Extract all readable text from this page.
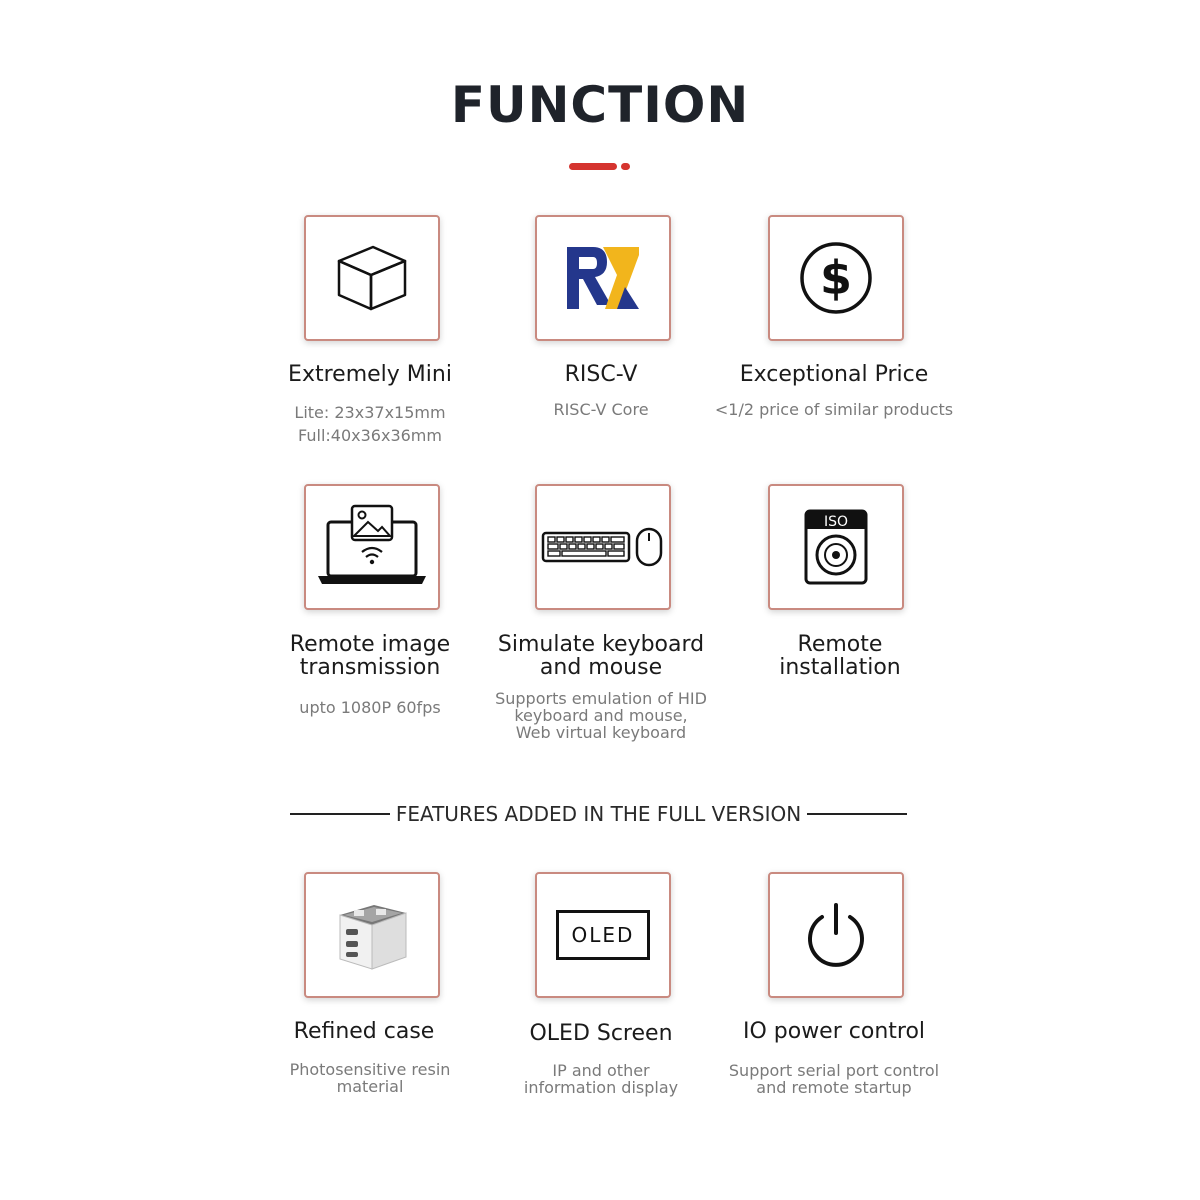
FUNCTION
Extremely Mini
Lite: 23x37x15mm
Full:40x36x36mm
RISC-V
RISC-V Core
$
Exceptional Price
<1/2 price of similar products
Remote image
transmission
upto 1080P 60fps
Simulate keyboard
and mouse
Supports emulation of HID
keyboard and mouse,
Web virtual keyboard
ISO
Remote
installation
FEATURES ADDED IN THE FULL VERSION
Refined case
Photosensitive resin
material
OLED
OLED Screen
IP and other
information display
IO power control
Support serial port control
and remote startup
